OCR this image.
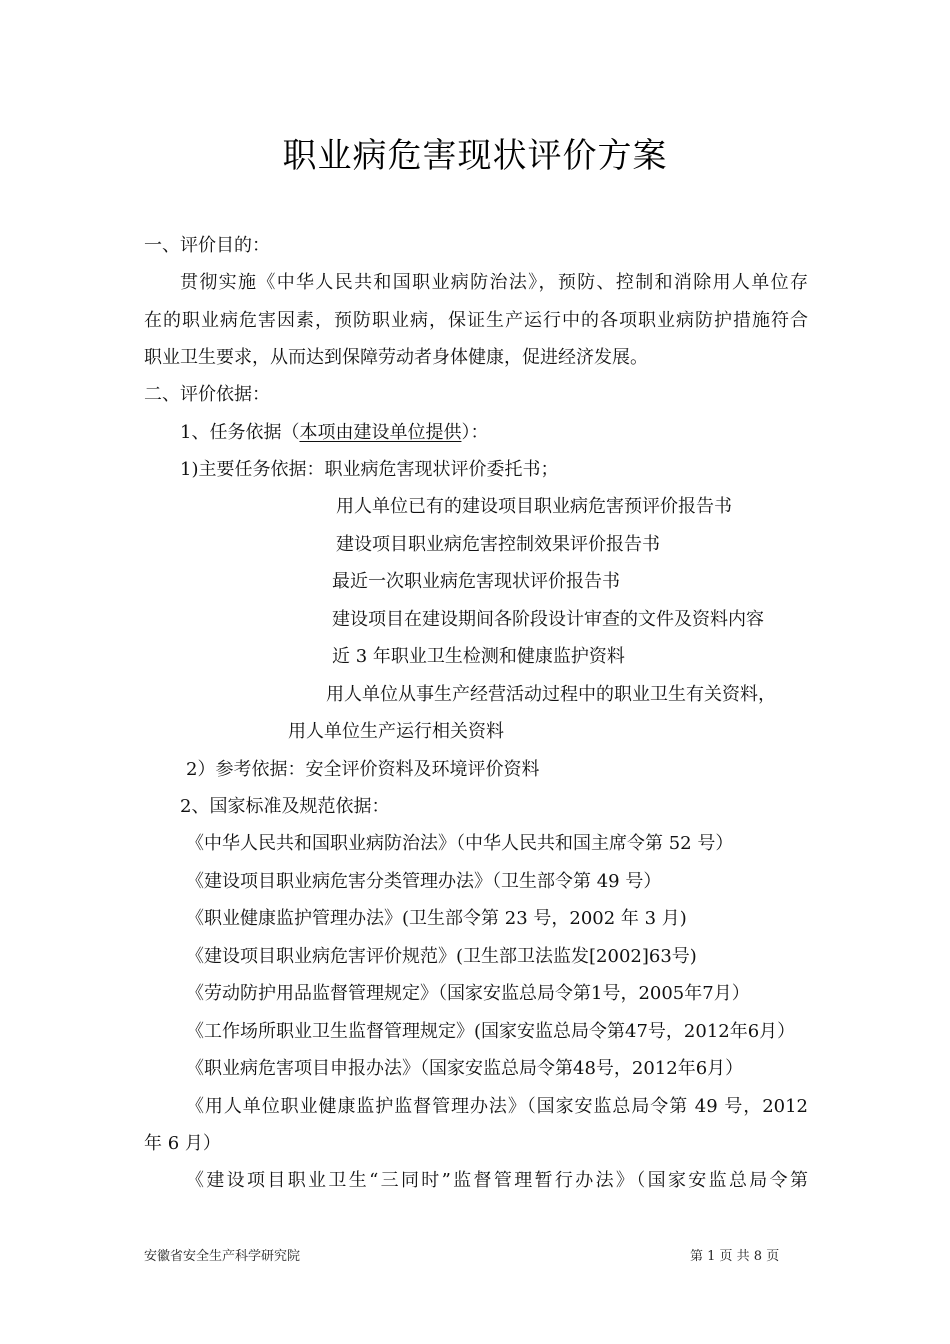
职业病危害现状评价方案
一、评价目的：
贯彻实施《中华人民共和国职业病防治法》，预防、控制和消除用人单位存
在的职业病危害因素，预防职业病，保证生产运行中的各项职业病防护措施符合
职业卫生要求，从而达到保障劳动者身体健康，促进经济发展。
二、评价依据：
1、任务依据（本项由建设单位提供）：
1)主要任务依据：职业病危害现状评价委托书；
用人单位已有的建设项目职业病危害预评价报告书
建设项目职业病危害控制效果评价报告书
最近一次职业病危害现状评价报告书
建设项目在建设期间各阶段设计审查的文件及资料内容
近 3 年职业卫生检测和健康监护资料
用人单位从事生产经营活动过程中的职业卫生有关资料，
用人单位生产运行相关资料
2）参考依据：安全评价资料及环境评价资料
2、国家标准及规范依据：
《中华人民共和国职业病防治法》（中华人民共和国主席令第 52 号）
《建设项目职业病危害分类管理办法》（卫生部令第 49 号）
《职业健康监护管理办法》(卫生部令第 23 号，2002 年 3 月)
《建设项目职业病危害评价规范》(卫生部卫法监发[2002]63号)
《劳动防护用品监督管理规定》（国家安监总局令第1号，2005年7月）
《工作场所职业卫生监督管理规定》(国家安监总局令第47号，2012年6月）
《职业病危害项目申报办法》（国家安监总局令第48号，2012年6月）
《用人单位职业健康监护监督管理办法》（国家安监总局令第 49 号，2012
年 6 月）
《建设项目职业卫生“三同时”监督管理暂行办法》（国家安监总局令第
安徽省安全生产科学研究院	第 1 页 共 8 页
